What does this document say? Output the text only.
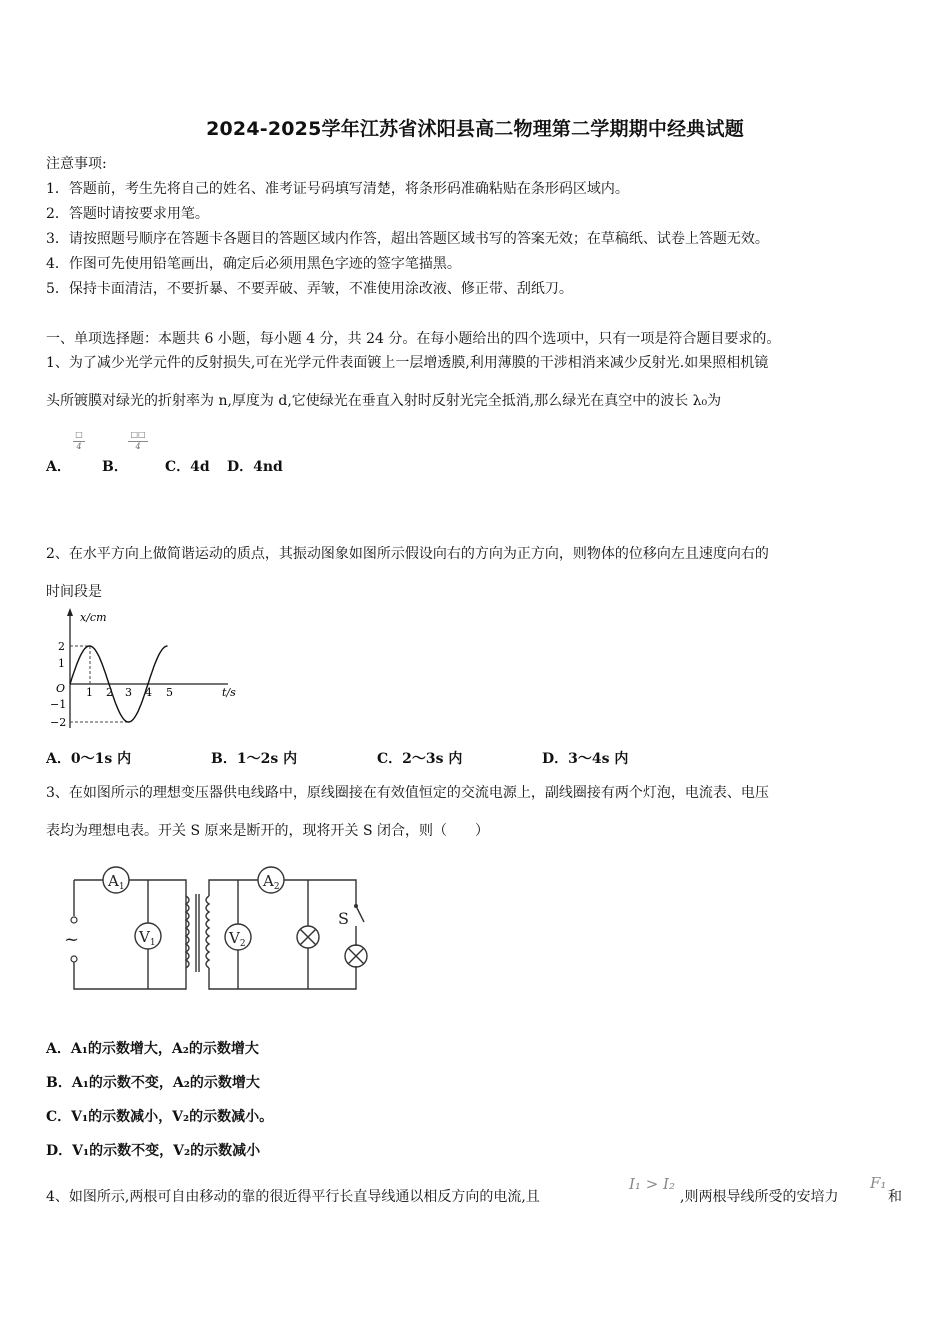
2024-2025学年江苏省沭阳县高二物理第二学期期中经典试题
注意事项:
1．答题前，考生先将自己的姓名、准考证号码填写清楚，将条形码准确粘贴在条形码区域内。
2．答题时请按要求用笔。
3．请按照题号顺序在答题卡各题目的答题区域内作答，超出答题区域书写的答案无效；在草稿纸、试卷上答题无效。
4．作图可先使用铅笔画出，确定后必须用黑色字迹的签字笔描黑。
5．保持卡面清洁，不要折暴、不要弄破、弄皱，不准使用涂改液、修正带、刮纸刀。
一、单项选择题：本题共 6 小题，每小题 4 分，共 24 分。在每小题给出的四个选项中，只有一项是符合题目要求的。
1、为了减少光学元件的反射损失,可在光学元件表面镀上一层增透膜,利用薄膜的干涉相消来减少反射光.如果照相机镜
头所镀膜对绿光的折射率为 n,厚度为 d,它使绿光在垂直入射时反射光完全抵消,那么绿光在真空中的波长 λ₀为
A． B．	C．4d D．4nd
□
4
□□
4
2、在水平方向上做简谐运动的质点，其振动图象如图所示假设向右的方向为正方向，则物体的位移向左且速度向右的
时间段是
x/cm
t/s
O
2
1
−1
−2
1 2 3 4 5
A．0～1s 内	B．1～2s 内	C．2～3s 内	D．3～4s 内
3、在如图所示的理想变压器供电线路中，原线圈接在有效值恒定的交流电源上，副线圈接有两个灯泡，电流表、电压
表均为理想电表。开关 S 原来是断开的，现将开关 S 闭合，则（　　）
~
$A_1$
$V_1$
$A_2$
$V_2$
S
A．A₁的示数增大，A₂的示数增大
B．A₁的示数不变，A₂的示数增大
C．V₁的示数减小，V₂的示数减小。
D．V₁的示数不变，V₂的示数减小
4、如图所示,两根可自由移动的靠的很近得平行长直导线通以相反方向的电流,且
I₁ > I₂
,则两根导线所受的安培力
F₁
和
